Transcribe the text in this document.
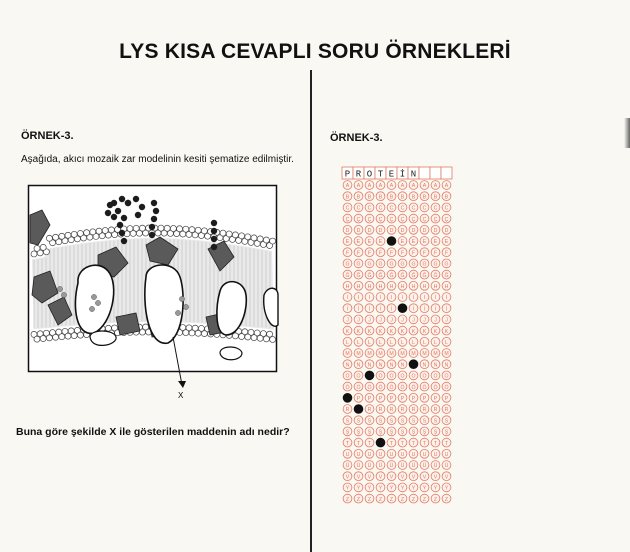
LYS KISA CEVAPLI SORU ÖRNEKLERİ
ÖRNEK-3.
Aşağıda, akıcı mozaik zar modelinin kesiti şematize edilmiştir.
X
Buna göre şekilde X ile gösterilen maddenin adı nedir?
ÖRNEK-3.
P
A
B
C
Ç
D
E
F
G
Ğ
H
I
İ
J
K
L
M
N
O
Ö
R
S
Ş
T
U
Ü
V
Y
Z
R
A
B
C
Ç
D
E
F
G
Ğ
H
I
İ
J
K
L
M
N
O
Ö
P
S
Ş
T
U
Ü
V
Y
Z
O
A
B
C
Ç
D
E
F
G
Ğ
H
I
İ
J
K
L
M
N
Ö
P
R
S
Ş
T
U
Ü
V
Y
Z
T
A
B
C
Ç
D
E
F
G
Ğ
H
I
İ
J
K
L
M
N
O
Ö
P
R
S
Ş
U
Ü
V
Y
Z
E
A
B
C
Ç
D
F
G
Ğ
H
I
İ
J
K
L
M
N
O
Ö
P
R
S
Ş
T
U
Ü
V
Y
Z
İ
A
B
C
Ç
D
E
F
G
Ğ
H
I
J
K
L
M
N
O
Ö
P
R
S
Ş
T
U
Ü
V
Y
Z
N
A
B
C
Ç
D
E
F
G
Ğ
H
I
İ
J
K
L
M
O
Ö
P
R
S
Ş
T
U
Ü
V
Y
Z
A
B
C
Ç
D
E
F
G
Ğ
H
I
İ
J
K
L
M
N
O
Ö
P
R
S
Ş
T
U
Ü
V
Y
Z
A
B
C
Ç
D
E
F
G
Ğ
H
I
İ
J
K
L
M
N
O
Ö
P
R
S
Ş
T
U
Ü
V
Y
Z
A
B
C
Ç
D
E
F
G
Ğ
H
I
İ
J
K
L
M
N
O
Ö
P
R
S
Ş
T
U
Ü
V
Y
Z
